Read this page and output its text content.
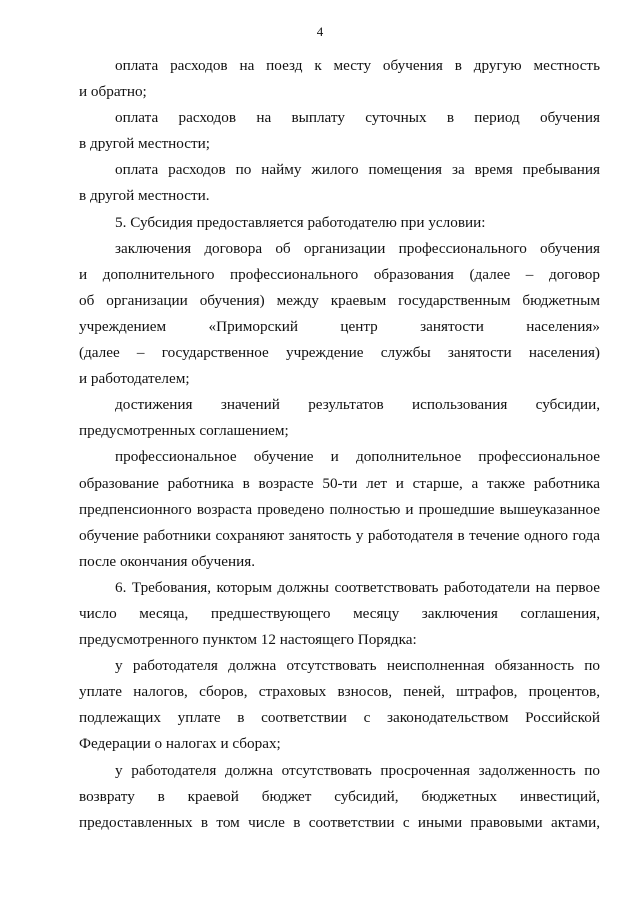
4
оплата расходов на поезд к месту обучения в другую местность
и обратно;
оплата расходов на выплату суточных в период обучения
в другой местности;
оплата расходов по найму жилого помещения за время пребывания
в другой местности.
5. Субсидия предоставляется работодателю при условии:
заключения договора об организации профессионального обучения
и дополнительного профессионального образования (далее – договор
об организации обучения) между краевым государственным бюджетным
учреждением «Приморский центр занятости населения»
(далее – государственное учреждение службы занятости населения)
и работодателем;
достижения значений результатов использования субсидии,
предусмотренных соглашением;
профессиональное обучение и дополнительное профессиональное
образование работника в возрасте 50-ти лет и старше, а также работника
предпенсионного возраста проведено полностью и прошедшие вышеуказанное
обучение работники сохраняют занятость у работодателя в течение одного года
после окончания обучения.
6. Требования, которым должны соответствовать работодатели на первое
число месяца, предшествующего месяцу заключения соглашения,
предусмотренного пунктом 12 настоящего Порядка:
у работодателя должна отсутствовать неисполненная обязанность по
уплате налогов, сборов, страховых взносов, пеней, штрафов, процентов,
подлежащих уплате в соответствии с законодательством Российской
Федерации о налогах и сборах;
у работодателя должна отсутствовать просроченная задолженность по
возврату в краевой бюджет субсидий, бюджетных инвестиций,
предоставленных в том числе в соответствии с иными правовыми актами,
